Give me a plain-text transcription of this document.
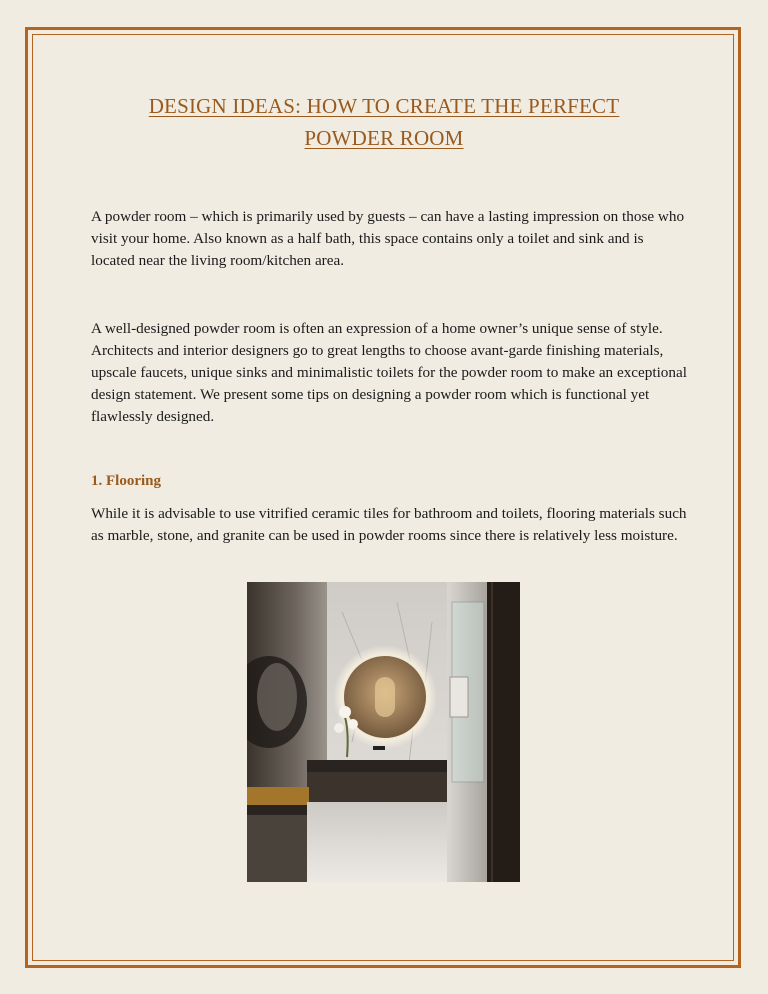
DESIGN IDEAS: HOW TO CREATE THE PERFECT
POWDER ROOM

A powder room – which is primarily used by guests – can have a lasting impression on those who visit your home. Also known as a half bath, this space contains only a toilet and sink and is located near the living room/kitchen area.

A well-designed powder room is often an expression of a home owner’s unique sense of style. Architects and interior designers go to great lengths to choose avant-garde finishing materials, upscale faucets, unique sinks and minimalistic toilets for the powder room to make an exceptional design statement. We present some tips on designing a powder room which is functional yet flawlessly designed.

1. Flooring

While it is advisable to use vitrified ceramic tiles for bathroom and toilets, flooring materials such as marble, stone, and granite can be used in powder rooms since there is relatively less moisture.
